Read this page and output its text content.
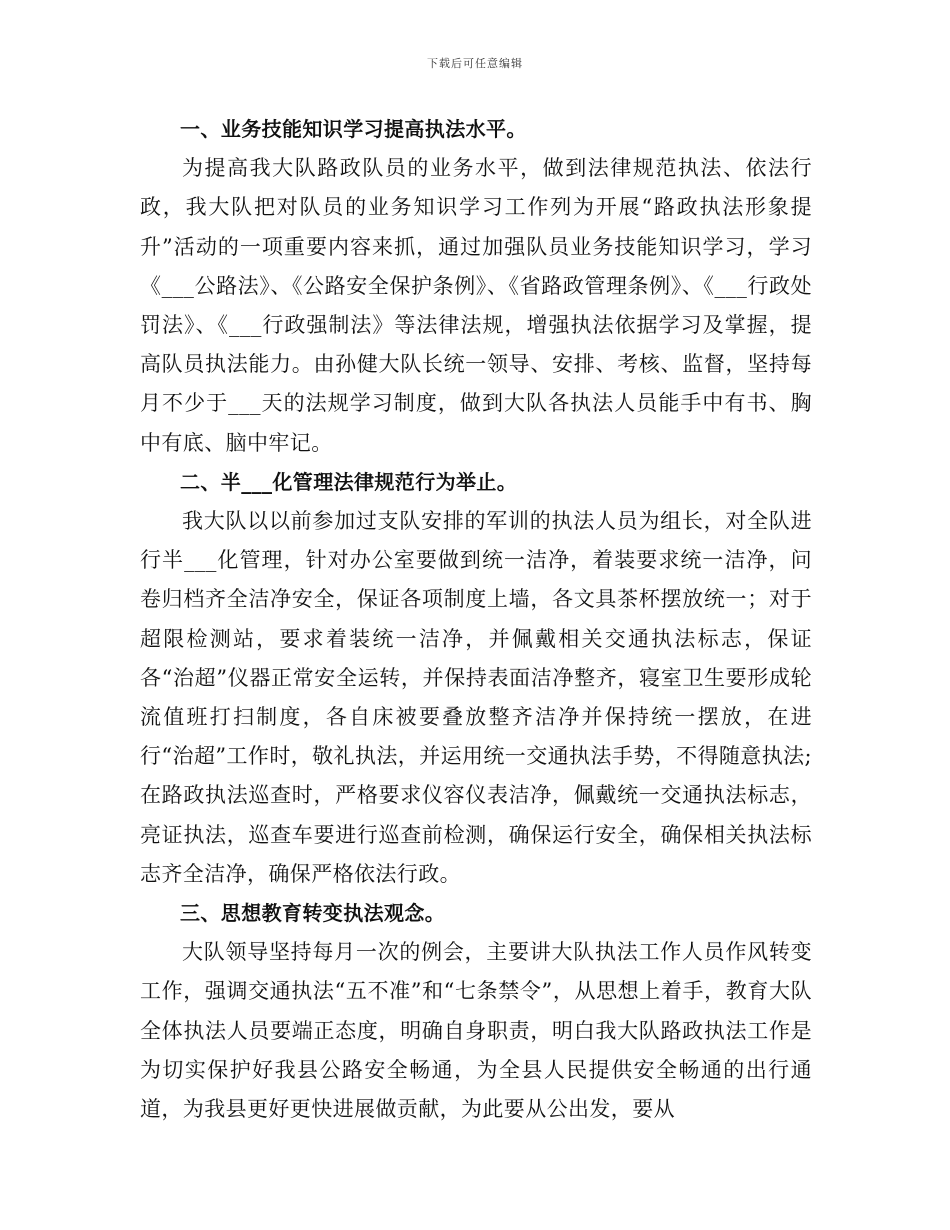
下载后可任意编辑

一、业务技能知识学习提高执法水平。

为提高我大队路政队员的业务水平，做到法律规范执法、依法行政，我大队把对队员的业务知识学习工作列为开展“路政执法形象提升”活动的一项重要内容来抓，通过加强队员业务技能知识学习，学习《___公路法》、《公路安全保护条例》、《省路政管理条例》、《___行政处罚法》、《___行政强制法》等法律法规，增强执法依据学习及掌握，提高队员执法能力。由孙健大队长统一领导、安排、考核、监督，坚持每月不少于___天的法规学习制度，做到大队各执法人员能手中有书、胸中有底、脑中牢记。

二、半___化管理法律规范行为举止。

我大队以以前参加过支队安排的军训的执法人员为组长，对全队进行半___化管理，针对办公室要做到统一洁净，着装要求统一洁净，问卷归档齐全洁净安全，保证各项制度上墙，各文具茶杯摆放统一；对于超限检测站，要求着装统一洁净，并佩戴相关交通执法标志，保证各“治超”仪器正常安全运转，并保持表面洁净整齐，寝室卫生要形成轮流值班打扫制度，各自床被要叠放整齐洁净并保持统一摆放，在进行“治超”工作时，敬礼执法，并运用统一交通执法手势，不得随意执法;在路政执法巡查时，严格要求仪容仪表洁净，佩戴统一交通执法标志，亮证执法，巡查车要进行巡查前检测，确保运行安全，确保相关执法标志齐全洁净，确保严格依法行政。

三、思想教育转变执法观念。

大队领导坚持每月一次的例会，主要讲大队执法工作人员作风转变工作，强调交通执法“五不准”和“七条禁令”，从思想上着手，教育大队全体执法人员要端正态度，明确自身职责，明白我大队路政执法工作是为切实保护好我县公路安全畅通，为全县人民提供安全畅通的出行通道，为我县更好更快进展做贡献，为此要从公出发，要从
